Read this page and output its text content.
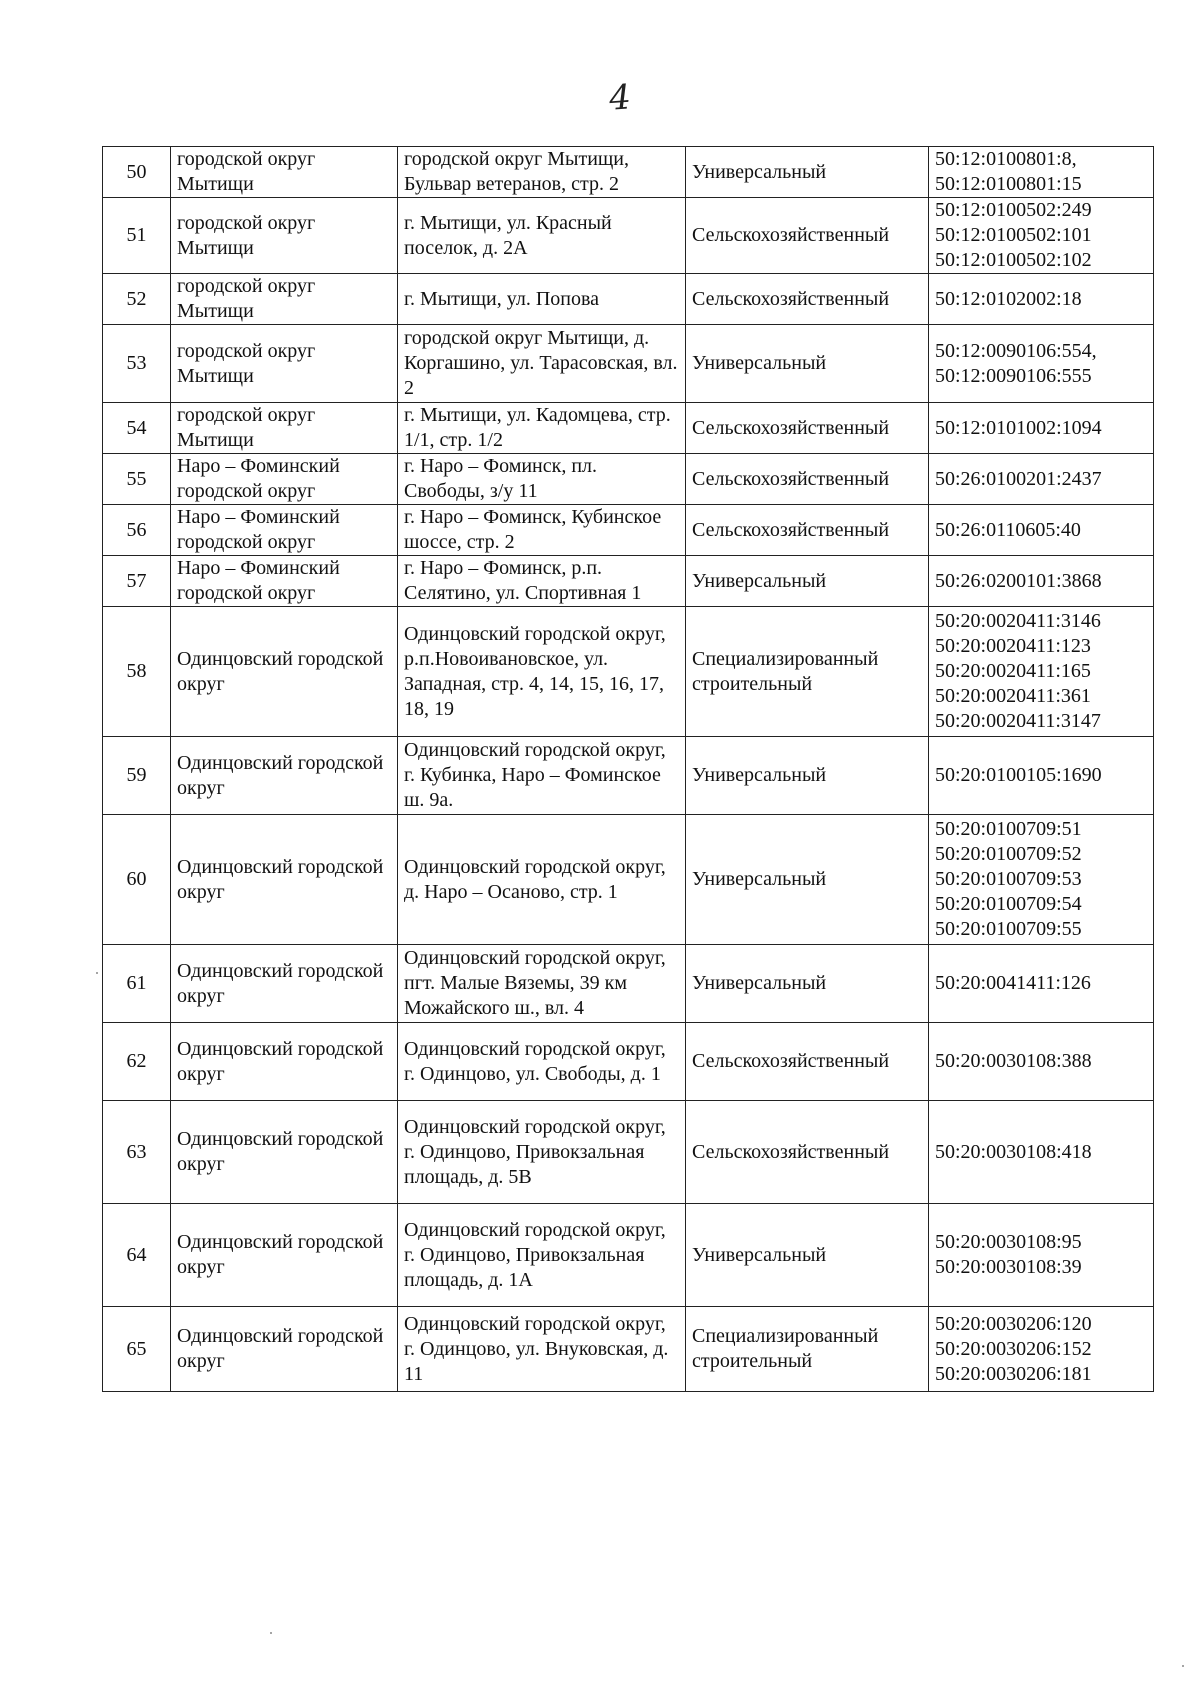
4
50	городской округ Мытищи	городской округ Мытищи, Бульвар ветеранов, стр. 2	Универсальный	50:12:0100801:8,
50:12:0100801:15
51	городской округ Мытищи	г. Мытищи, ул. Красный поселок, д. 2А	Сельскохозяйственный	50:12:0100502:249
50:12:0100502:101
50:12:0100502:102
52	городской округ Мытищи	г. Мытищи, ул. Попова	Сельскохозяйственный	50:12:0102002:18
53	городской округ Мытищи	городской округ Мытищи, д. Коргашино, ул. Тарасовская, вл. 2	Универсальный	50:12:0090106:554,
50:12:0090106:555
54	городской округ Мытищи	г. Мытищи, ул. Кадомцева, стр. 1/1, стр. 1/2	Сельскохозяйственный	50:12:0101002:1094
55	Наро – Фоминский городской округ	г. Наро – Фоминск, пл. Свободы, з/у 11	Сельскохозяйственный	50:26:0100201:2437
56	Наро – Фоминский городской округ	г. Наро – Фоминск, Кубинское шоссе, стр. 2	Сельскохозяйственный	50:26:0110605:40
57	Наро – Фоминский городской округ	г. Наро – Фоминск, р.п. Селятино, ул. Спортивная 1	Универсальный	50:26:0200101:3868
58	Одинцовский городской округ	Одинцовский городской округ, р.п.Новоивановское, ул. Западная, стр. 4, 14, 15, 16, 17, 18, 19	Специализированный строительный	50:20:0020411:3146
50:20:0020411:123
50:20:0020411:165
50:20:0020411:361
50:20:0020411:3147
59	Одинцовский городской округ	Одинцовский городской округ, г. Кубинка, Наро – Фоминское ш. 9а.	Универсальный	50:20:0100105:1690
60	Одинцовский городской округ	Одинцовский городской округ, д. Наро – Осаново, стр. 1	Универсальный	50:20:0100709:51
50:20:0100709:52
50:20:0100709:53
50:20:0100709:54
50:20:0100709:55
61	Одинцовский городской округ	Одинцовский городской округ, пгт. Малые Вяземы, 39 км Можайского ш., вл. 4	Универсальный	50:20:0041411:126
62	Одинцовский городской округ	Одинцовский городской округ, г. Одинцово, ул. Свободы, д. 1	Сельскохозяйственный	50:20:0030108:388
63	Одинцовский городской округ	Одинцовский городской округ, г. Одинцово, Привокзальная площадь, д. 5В	Сельскохозяйственный	50:20:0030108:418
64	Одинцовский городской округ	Одинцовский городской округ, г. Одинцово, Привокзальная площадь, д. 1А	Универсальный	50:20:0030108:95
50:20:0030108:39
65	Одинцовский городской округ	Одинцовский городской округ, г. Одинцово, ул. Внуковская, д. 11	Специализированный строительный	50:20:0030206:120
50:20:0030206:152
50:20:0030206:181
